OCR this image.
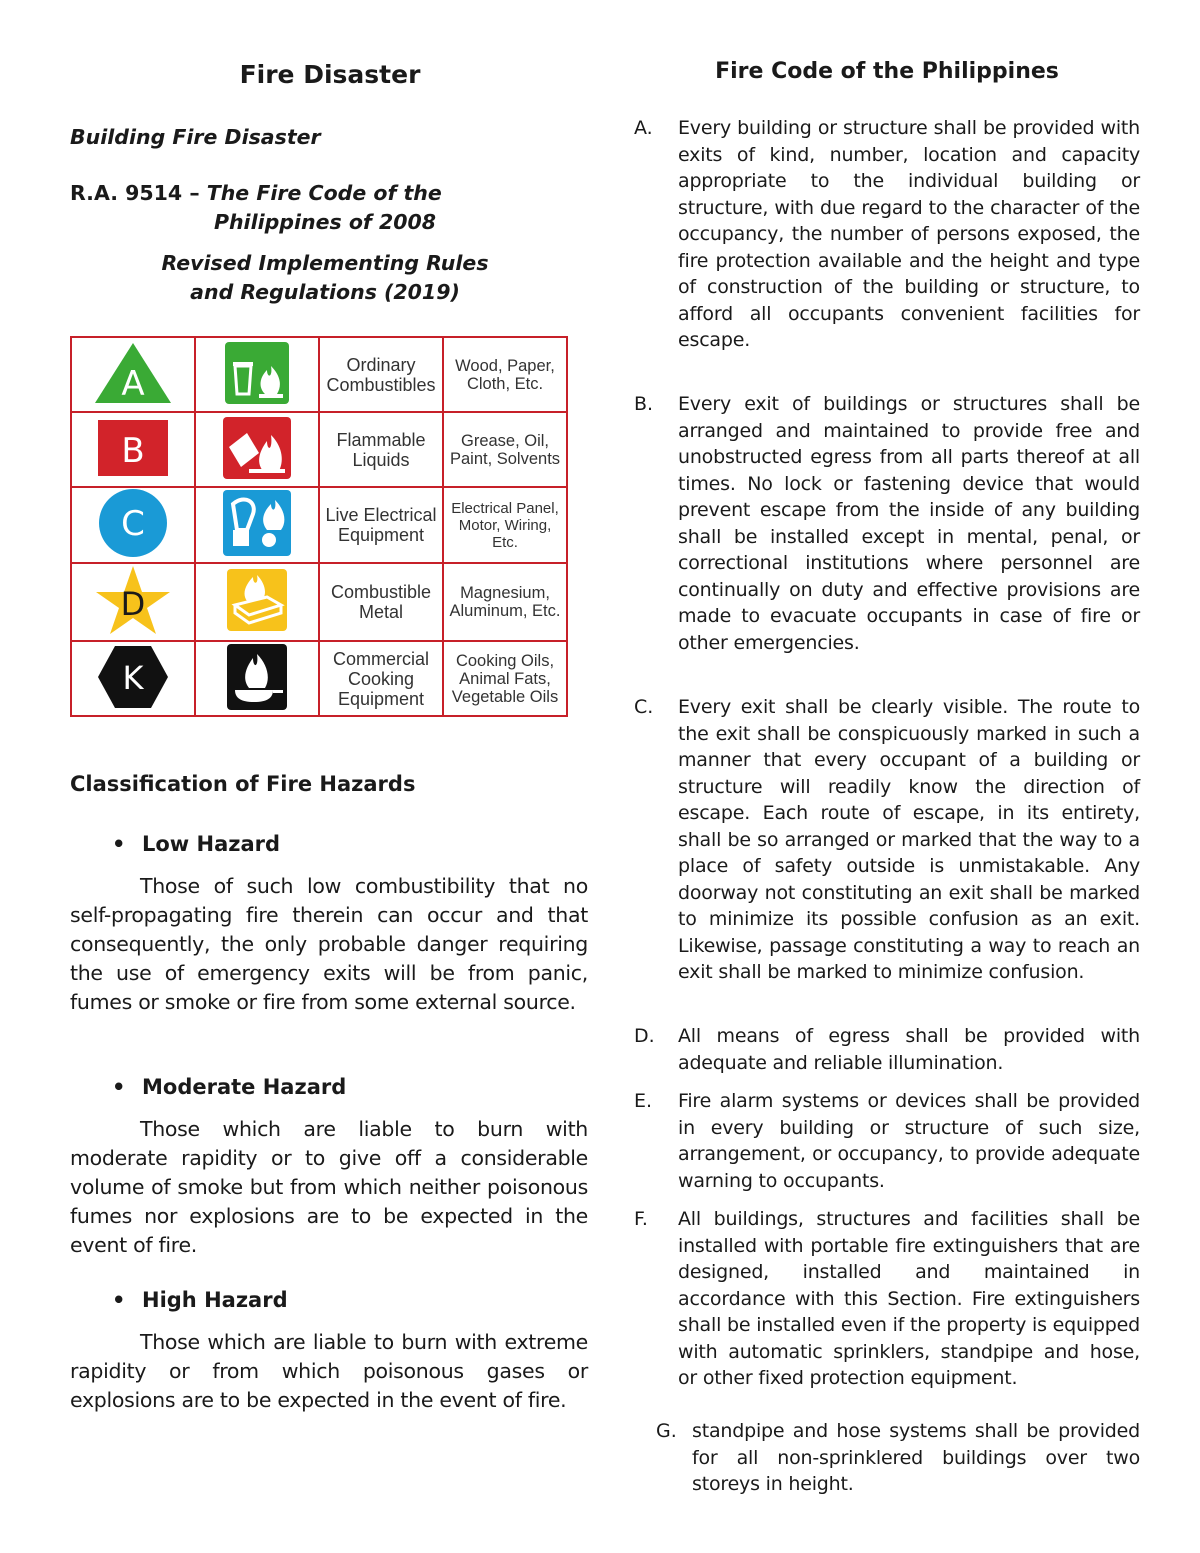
Fire Disaster
Building Fire Disaster
R.A. 9514 – The Fire Code of the
Philippines of 2008
Revised Implementing Rules
and Regulations (2019)
A		Ordinary Combustibles	Wood, Paper, Cloth, Etc.

B		Flammable Liquids	Grease, Oil, Paint, Solvents

C		Live Electrical Equipment	Electrical Panel, Motor, Wiring, Etc.

D		Combustible Metal	Magnesium, Aluminum, Etc.

K		Commercial Cooking Equipment	Cooking Oils, Animal Fats, Vegetable Oils
Classification of Fire Hazards
• Low Hazard

Those of such low combustibility that no self-propagating fire therein can occur and that consequently, the only probable danger requiring the use of emergency exits will be from panic, fumes or smoke or fire from some external source.

• Moderate Hazard

Those which are liable to burn with moderate rapidity or to give off a considerable volume of smoke but from which neither poisonous fumes nor explosions are to be expected in the event of fire.

• High Hazard

Those which are liable to burn with extreme rapidity or from which poisonous gases or explosions are to be expected in the event of fire.

Fire Code of the Philippines
A. Every building or structure shall be provided with exits of kind, number, location and capacity appropriate to the individual building or structure, with due regard to the character of the occupancy, the number of persons exposed, the fire protection available and the height and type of construction of the building or structure, to afford all occupants convenient facilities for escape.
B. Every exit of buildings or structures shall be arranged and maintained to provide free and unobstructed egress from all parts thereof at all times. No lock or fastening device that would prevent escape from the inside of any building shall be installed except in mental, penal, or correctional institutions where personnel are continually on duty and effective provisions are made to evacuate occupants in case of fire or other emergencies.
C. Every exit shall be clearly visible. The route to the exit shall be conspicuously marked in such a manner that every occupant of a building or structure will readily know the direction of escape. Each route of escape, in its entirety, shall be so arranged or marked that the way to a place of safety outside is unmistakable. Any doorway not constituting an exit shall be marked to minimize its possible confusion as an exit. Likewise, passage constituting a way to reach an exit shall be marked to minimize confusion.
D. All means of egress shall be provided with adequate and reliable illumination.
E. Fire alarm systems or devices shall be provided in every building or structure of such size, arrangement, or occupancy, to provide adequate warning to occupants.
F. All buildings, structures and facilities shall be installed with portable fire extinguishers that are designed, installed and maintained in accordance with this Section. Fire extinguishers shall be installed even if the property is equipped with automatic sprinklers, standpipe and hose, or other fixed protection equipment.
G. standpipe and hose systems shall be provided for all non-sprinklered buildings over two storeys in height.
